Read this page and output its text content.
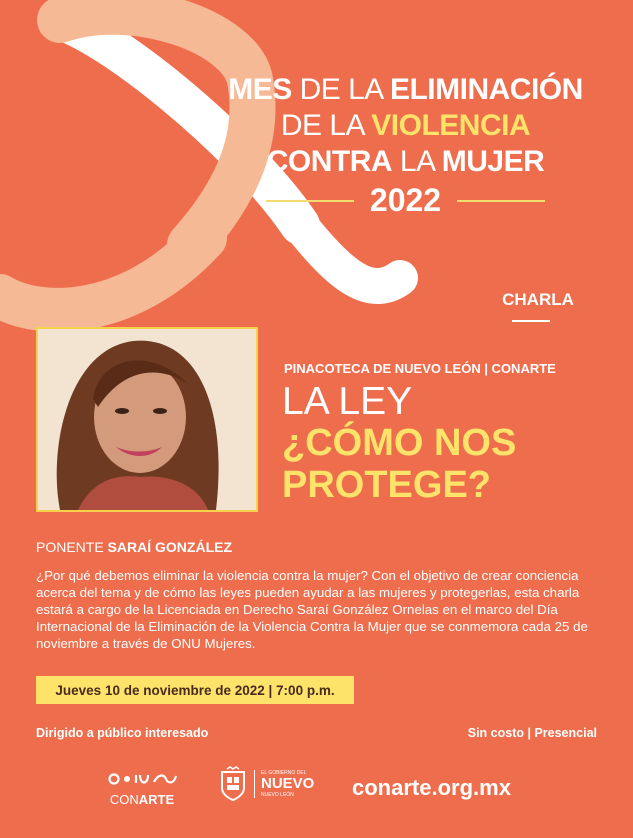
MES DE LA ELIMINACIÓN
DE LA VIOLENCIA
CONTRA LA MUJER
2022
CHARLA
PINACOTECA DE NUEVO LEÓN | CONARTE
LA LEY
¿CÓMO NOS
PROTEGE?
PONENTE SARAÍ GONZÁLEZ
¿Por qué debemos eliminar la violencia contra la mujer? Con el objetivo de crear conciencia acerca del tema y de cómo las leyes pueden ayudar a las mujeres y protegerlas, esta charla estará a cargo de la Licenciada en Derecho Saraí González Ornelas en el marco del Día Internacional de la Eliminación de la Violencia Contra la Mujer que se conmemora cada 25 de noviembre a través de ONU Mujeres.
Jueves 10 de noviembre de 2022 | 7:00 p.m.
Dirigido a público interesado	Sin costo | Presencial
CONARTE
EL GOBIERNO DEL
NUEVO
NUEVO LEÓN	conarte.org.mx
